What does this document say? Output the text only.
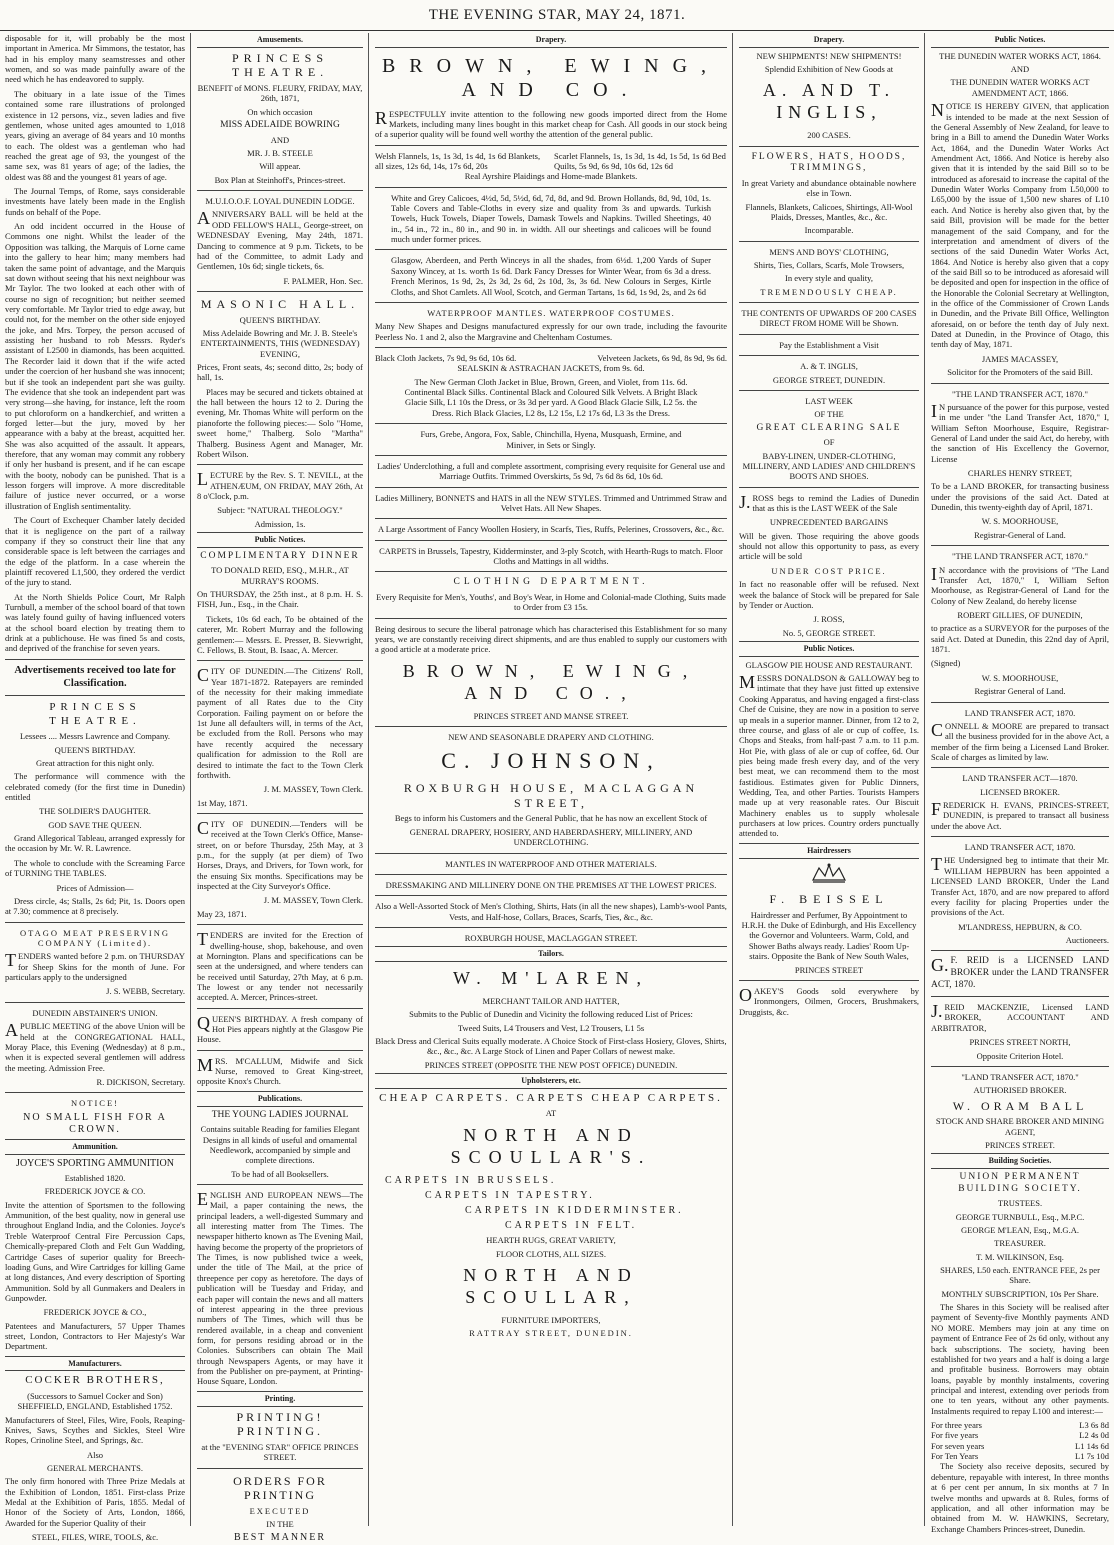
THE EVENING STAR, MAY 24, 1871.

disposable for it, will probably be the most important in America. Mr Simmons, the testator, has had in his employ many seamstresses and other women, and so was made painfully aware of the need which he has endeavored to supply.

The obituary in a late issue of the Times contained some rare illustrations of prolonged existence in 12 persons, viz., seven ladies and five gentlemen, whose united ages amounted to 1,018 years, giving an average of 84 years and 10 months to each. The oldest was a gentleman who had reached the great age of 93, the youngest of the same sex, was 81 years of age; of the ladies, the oldest was 88 and the youngest 81 years of age.

The Journal Temps, of Rome, says considerable investments have lately been made in the English funds on behalf of the Pope.

An odd incident occurred in the House of Commons one night. Whilst the leader of the Opposition was talking, the Marquis of Lorne came into the gallery to hear him; many members had taken the same point of advantage, and the Marquis sat down without seeing that his next neighbour was Mr Taylor. The two looked at each other with of course no sign of recognition; but neither seemed very comfortable. Mr Taylor tried to edge away, but could not, for the member on the other side enjoyed the joke, and Mrs. Torpey, the person accused of assisting her husband to rob Messrs. Ryder's assistant of L2500 in diamonds, has been acquitted. The Recorder laid it down that if the wife acted under the coercion of her husband she was innocent; but if she took an independent part she was guilty. The evidence that she took an independent part was very strong—she having, for instance, left the room to put chloroform on a handkerchief, and written a forged letter—but the jury, moved by her appearance with a baby at the breast, acquitted her. She was also acquitted of the assault. It appears, therefore, that any woman may commit any robbery if only her husband is present, and if he can escape with the booty, nobody can be punished. That is a lesson forgers will improve. A more discreditable failure of justice never occurred, or a worse illustration of English sentimentality.

The Court of Exchequer Chamber lately decided that it is negligence on the part of a railway company if they so construct their line that any considerable space is left between the carriages and the edge of the platform. In a case wherein the plaintiff recovered L1,500, they ordered the verdict of the jury to stand.

At the North Shields Police Court, Mr Ralph Turnbull, a member of the school board of that town was lately found guilty of having influenced voters at the school board election by treating them to drink at a publichouse. He was fined 5s and costs, and deprived of the franchise for seven years.

Advertisements received too late for Classification.
PRINCESS THEATRE.

Lessees .... Messrs Lawrence and Company.

QUEEN'S BIRTHDAY.

Great attraction for this night only.

The performance will commence with the celebrated comedy (for the first time in Dunedin) entitled

THE SOLDIER'S DAUGHTER.

GOD SAVE THE QUEEN.

Grand Allegorical Tableau, arranged expressly for the occasion by Mr. W. R. Lawrence.

The whole to conclude with the Screaming Farce of TURNING THE TABLES.

Prices of Admission—

Dress circle, 4s; Stalls, 2s 6d; Pit, 1s. Doors open at 7.30; commence at 8 precisely.

OTAGO MEAT PRESERVING COMPANY (Limited).

TENDERS wanted before 2 p.m. on THURSDAY for Sheep Skins for the month of June. For particulars apply to the undersigned

J. S. WEBB, Secretary.

DUNEDIN ABSTAINER'S UNION.

APUBLIC MEETING of the above Union will be held at the CONGREGATIONAL HALL, Moray Place, this Evening (Wednesday) at 8 p.m., when it is expected several gentlemen will address the meeting. Admission Free.

R. DICKISON, Secretary.

NOTICE!

NO SMALL FISH FOR A CROWN.

Ammunition.

JOYCE'S SPORTING AMMUNITION

Established 1820.

FREDERICK JOYCE & CO.

Invite the attention of Sportsmen to the following Ammunition, of the best quality, now in general use throughout England India, and the Colonies. Joyce's Treble Waterproof Central Fire Percussion Caps, Chemically-prepared Cloth and Felt Gun Wadding, Cartridge Cases of superior quality for Breech-loading Guns, and Wire Cartridges for killing Game at long distances, And every description of Sporting Ammunition. Sold by all Gunmakers and Dealers in Gunpowder.

FREDERICK JOYCE & CO.,

Patentees and Manufacturers, 57 Upper Thames street, London, Contractors to Her Majesty's War Department.

Manufacturers.

COCKER BROTHERS,

(Successors to Samuel Cocker and Son) SHEFFIELD, ENGLAND, Established 1752.

Manufacturers of Steel, Files, Wire, Fools, Reaping-Knives, Saws, Scythes and Sickles, Steel Wire Ropes, Crinoline Steel, and Springs, &c.

Also

GENERAL MERCHANTS.

The only firm honored with Three Prize Medals at the Exhibition of London, 1851. First-class Prize Medal at the Exhibition of Paris, 1855. Medal of Honor of the Society of Arts, London, 1866, Awarded for the Superior Quality of their

STEEL, FILES, WIRE, TOOLS, &c.

Amusements.
PRINCESS THEATRE.

BENEFIT of MONS. FLEURY, FRIDAY, MAY, 26th, 1871,

On which occasion

MISS ADELAIDE BOWRING

AND

MR. J. B. STEELE

Will appear.

Box Plan at Steinhoff's, Princes-street.

M.U.I.O.O.F. LOYAL DUNEDIN LODGE.

ANNIVERSARY BALL will be held at the ODD FELLOW'S HALL, George-street, on WEDNESDAY Evening, May 24th, 1871. Dancing to commence at 9 p.m. Tickets, to be had of the Committee, to admit Lady and Gentlemen, 10s 6d; single tickets, 6s.

F. PALMER, Hon. Sec.

MASONIC HALL.

QUEEN'S BIRTHDAY.

Miss Adelaide Bowring and Mr. J. B. Steele's ENTERTAINMENTS, THIS (WEDNESDAY) EVENING,

Prices, Front seats, 4s; second ditto, 2s; body of hall, 1s.

Places may be secured and tickets obtained at the hall between the hours 12 to 2. During the evening, Mr. Thomas White will perform on the pianoforte the following pieces:— Solo "Home, sweet home," Thalberg. Solo "Martha" Thalberg. Business Agent and Manager, Mr. Robert Wilson.

LECTURE by the Rev. S. T. NEVILL, at the ATHENÆUM, ON FRIDAY, MAY 26th, At 8 o'Clock, p.m.

Subject: "NATURAL THEOLOGY."

Admission, 1s.

Public Notices.

COMPLIMENTARY DINNER

TO DONALD REID, ESQ., M.H.R., AT MURRAY'S ROOMS.

On THURSDAY, the 25th inst., at 8 p.m. H. S. FISH, Jun., Esq., in the Chair.

Tickets, 10s 6d each, To be obtained of the caterer, Mr. Robert Murray and the following gentlemen:— Messrs. E. Presser, B. Sievwright, C. Fellows, B. Stout, B. Isaac, A. Mercer.

CITY OF DUNEDIN.—The Citizens' Roll, Year 1871-1872. Ratepayers are reminded of the necessity for their making immediate payment of all Rates due to the City Corporation. Failing payment on or before the 1st June all defaulters will, in terms of the Act, be excluded from the Roll. Persons who may have recently acquired the necessary qualification for admission to the Roll are desired to intimate the fact to the Town Clerk forthwith.

J. M. MASSEY, Town Clerk.

1st May, 1871.

CITY OF DUNEDIN.—Tenders will be received at the Town Clerk's Office, Manse-street, on or before Thursday, 25th May, at 3 p.m., for the supply (at per diem) of Two Horses, Drays, and Drivers, for Town work, for the ensuing Six months. Specifications may be inspected at the City Surveyor's Office.

J. M. MASSEY, Town Clerk.

May 23, 1871.

TENDERS are invited for the Erection of dwelling-house, shop, bakehouse, and oven at Mornington. Plans and specifications can be seen at the undersigned, and where tenders can be received until Saturday, 27th May, at 6 p.m. The lowest or any tender not necessarily accepted. A. Mercer, Princes-street.

QUEEN'S BIRTHDAY. A fresh company of Hot Pies appears nightly at the Glasgow Pie House.

MRS. M'CALLUM, Midwife and Sick Nurse, removed to Great King-street, opposite Knox's Church.

Publications.

THE YOUNG LADIES JOURNAL

Contains suitable Reading for families Elegant Designs in all kinds of useful and ornamental Needlework, accompanied by simple and complete directions.

To be had of all Booksellers.

ENGLISH AND EUROPEAN NEWS—The Mail, a paper containing the news, the principal leaders, a well-digested Summary and all interesting matter from The Times. The newspaper hitherto known as The Evening Mail, having become the property of the proprietors of The Times, is now published twice a week, under the title of The Mail, at the price of threepence per copy as heretofore. The days of publication will be Tuesday and Friday, and each paper will contain the news and all matters of interest appearing in the three previous numbers of The Times, which will thus be rendered available, in a cheap and convenient form, for persons residing abroad or in the Colonies. Subscribers can obtain The Mail through Newspapers Agents, or may have it from the Publisher on pre-payment, at Printing-House Square, London.

Printing.
PRINTING! PRINTING.

at the "EVENING STAR" OFFICE PRINCES STREET.

ORDERS FOR PRINTING

EXECUTED

IN THE

BEST MANNER

Drapery.
BROWN, EWING, AND CO.

RESPECTFULLY invite attention to the following new goods imported direct from the Home Markets, including many lines bought in this market cheap for Cash. All goods in our stock being of a superior quality will be found well worthy the attention of the general public.

Welsh Flannels, 1s, 1s 3d, 1s 4d, 1s 6d Blankets, all sizes, 12s 6d, 14s, 17s 6d, 20s
Scarlet Flannels, 1s, 1s 3d, 1s 4d, 1s 5d, 1s 6d Bed Quilts, 5s 9d, 6s 9d, 10s 6d, 12s 6d

Real Ayrshire Plaidings and Home-made Blankets.

White and Grey Calicoes, 4½d, 5d, 5½d, 6d, 7d, 8d, and 9d. Brown Hollands, 8d, 9d, 10d, 1s. Table Covers and Table-Cloths in every size and quality from 3s and upwards. Turkish Towels, Huck Towels, Diaper Towels, Damask Towels and Napkins. Twilled Sheetings, 40 in., 54 in., 72 in., 80 in., and 90 in. in width. All our sheetings and calicoes will be found much under former prices.

Glasgow, Aberdeen, and Perth Winceys in all the shades, from 6½d. 1,200 Yards of Super Saxony Wincey, at 1s. worth 1s 6d. Dark Fancy Dresses for Winter Wear, from 6s 3d a dress. French Merinos, 1s 9d, 2s, 2s 3d, 2s 6d, 2s 10d, 3s, 3s 6d. New Colours in Serges, Kirtle Cloths, and Shot Camlets. All Wool, Scotch, and German Tartans, 1s 6d, 1s 9d, 2s, and 2s 6d

WATERPROOF MANTLES. WATERPROOF COSTUMES.

Many New Shapes and Designs manufactured expressly for our own trade, including the favourite Peerless No. 1 and 2, also the Margravine and Cheltenham Costumes.

Black Cloth Jackets, 7s 9d, 9s 6d, 10s 6d.	Velveteen Jackets, 6s 9d, 8s 9d, 9s 6d.

SEALSKIN & ASTRACHAN JACKETS, from 9s. 6d.

The New German Cloth Jacket in Blue, Brown, Green, and Violet, from 11s. 6d. Continental Black Silks. Continental Black and Coloured Silk Velvets. A Bright Black Glacie Silk, L1 10s the Dress, or 3s 3d per yard. A Good Black Glacie Silk, L2 5s. the Dress. Rich Black Glacies, L2 8s, L2 15s, L2 17s 6d, L3 3s the Dress.

Furs, Grebe, Angora, Fox, Sable, Chinchilla, Hyena, Musquash, Ermine, and Miniver, in Sets or Singly.

Ladies' Underclothing, a full and complete assortment, comprising every requisite for General use and Marriage Outfits. Trimmed Overskirts, 5s 9d, 7s 6d 8s 6d, 10s 6d.

Ladies Millinery, BONNETS and HATS in all the NEW STYLES. Trimmed and Untrimmed Straw and Velvet Hats. All New Shapes.

A Large Assortment of Fancy Woollen Hosiery, in Scarfs, Ties, Ruffs, Pelerines, Crossovers, &c., &c.

CARPETS in Brussels, Tapestry, Kidderminster, and 3-ply Scotch, with Hearth-Rugs to match. Floor Cloths and Mattings in all widths.

CLOTHING DEPARTMENT.

Every Requisite for Men's, Youths', and Boy's Wear, in Home and Colonial-made Clothing, Suits made to Order from £3 15s.

Being desirous to secure the liberal patronage which has characterised this Establishment for so many years, we are constantly receiving direct shipments, and are thus enabled to supply our customers with a good article at a moderate price.

BROWN, EWING, AND CO.,

PRINCES STREET AND MANSE STREET.

NEW AND SEASONABLE DRAPERY AND CLOTHING.

C. JOHNSON,
ROXBURGH HOUSE, MACLAGGAN STREET,

Begs to inform his Customers and the General Public, that he has now an excellent Stock of

GENERAL DRAPERY, HOSIERY, AND HABERDASHERY, MILLINERY, AND UNDERCLOTHING.

MANTLES IN WATERPROOF AND OTHER MATERIALS.

DRESSMAKING AND MILLINERY DONE ON THE PREMISES AT THE LOWEST PRICES.

Also a Well-Assorted Stock of Men's Clothing, Shirts, Hats (in all the new shapes), Lamb's-wool Pants, Vests, and Half-hose, Collars, Braces, Scarfs, Ties, &c., &c.

ROXBURGH HOUSE, MACLAGGAN STREET.

Tailors.
W. M'LAREN,

MERCHANT TAILOR AND HATTER,

Submits to the Public of Dunedin and Vicinity the following reduced List of Prices:

Tweed Suits, L4 Trousers and Vest, L2 Trousers, L1 5s

Black Dress and Clerical Suits equally moderate. A Choice Stock of First-class Hosiery, Gloves, Shirts, &c., &c., &c. A Large Stock of Linen and Paper Collars of newest make.

PRINCES STREET (OPPOSITE THE NEW POST OFFICE) DUNEDIN.

Upholsterers, etc.
CHEAP CARPETS. CARPETS CHEAP CARPETS.

AT

NORTH AND SCOULLAR'S.
CARPETS IN BRUSSELS.
CARPETS IN TAPESTRY.
CARPETS IN KIDDERMINSTER.
CARPETS IN FELT.

HEARTH RUGS, GREAT VARIETY,

FLOOR CLOTHS, ALL SIZES.

NORTH AND SCOULLAR,

FURNITURE IMPORTERS,

RATTRAY STREET, DUNEDIN.

Drapery.

NEW SHIPMENTS! NEW SHIPMENTS!

Splendid Exhibition of New Goods at

A. AND T. INGLIS,

200 CASES.

FLOWERS, HATS, HOODS, TRIMMINGS,

In great Variety and abundance obtainable nowhere else in Town.

Flannels, Blankets, Calicoes, Shirtings, All-Wool Plaids, Dresses, Mantles, &c., &c.

Incomparable.

MEN'S AND BOYS' CLOTHING,

Shirts, Ties, Collars, Scarfs, Mole Trowsers,

In every style and quality,

TREMENDOUSLY CHEAP.

THE CONTENTS OF UPWARDS OF 200 CASES DIRECT FROM HOME Will be Shown.

Pay the Establishment a Visit

A. & T. INGLIS,

GEORGE STREET, DUNEDIN.

LAST WEEK

OF THE

GREAT CLEARING SALE

OF

BABY-LINEN, UNDER-CLOTHING, MILLINERY, AND LADIES' AND CHILDREN'S BOOTS AND SHOES.

J.ROSS begs to remind the Ladies of Dunedin that as this is the LAST WEEK of the Sale

UNPRECEDENTED BARGAINS

Will be given. Those requiring the above goods should not allow this opportunity to pass, as every article will be sold

UNDER COST PRICE.

In fact no reasonable offer will be refused. Next week the balance of Stock will be prepared for Sale by Tender or Auction.

J. ROSS,

No. 5, GEORGE STREET.

Public Notices.

GLASGOW PIE HOUSE AND RESTAURANT.

MESSRS DONALDSON & GALLOWAY beg to intimate that they have just fitted up extensive Cooking Apparatus, and having engaged a first-class Chef de Cuisine, they are now in a position to serve up meals in a superior manner. Dinner, from 12 to 2, three course, and glass of ale or cup of coffee, 1s. Chops and Steaks, from half-past 7 a.m. to 11 p.m. Hot Pie, with glass of ale or cup of coffee, 6d. Our pies being made fresh every day, and of the very best meat, we can recommend them to the most fastidious. Estimates given for Public Dinners, Wedding, Tea, and other Parties. Tourists Hampers made up at very reasonable rates. Our Biscuit Machinery enables us to supply wholesale purchasers at low prices. Country orders punctually attended to.

Hairdressers
F. BEISSEL

Hairdresser and Perfumer, By Appointment to H.R.H. the Duke of Edinburgh, and His Excellency the Governor and Volunteers. Warm, Cold, and Shower Baths always ready. Ladies' Room Up-stairs. Opposite the Bank of New South Wales,

PRINCES STREET

OAKEY'S Goods sold everywhere by Ironmongers, Oilmen, Grocers, Brushmakers, Druggists, &c.

Public Notices.

THE DUNEDIN WATER WORKS ACT, 1864.

AND

THE DUNEDIN WATER WORKS ACT AMENDMENT ACT, 1866.

NOTICE IS HEREBY GIVEN, that application is intended to be made at the next Session of the General Assembly of New Zealand, for leave to bring in a Bill to amend the Dunedin Water Works Act, 1864, and the Dunedin Water Works Act Amendment Act, 1866. And Notice is hereby also given that it is intended by the said Bill so to be introduced as aforesaid to increase the capital of the Dunedin Water Works Company from L50,000 to L65,000 by the issue of 1,500 new shares of L10 each. And Notice is hereby also given that, by the said Bill, provision will be made for the better management of the said Company, and for the interpretation and amendment of divers of the sections of the said Dunedin Water Works Act, 1864. And Notice is hereby also given that a copy of the said Bill so to be introduced as aforesaid will be deposited and open for inspection in the office of the Honorable the Colonial Secretary at Wellington, in the office of the Commissioner of Crown Lands in Dunedin, and the Private Bill Office, Wellington aforesaid, on or before the tenth day of July next. Dated at Dunedin, in the Province of Otago, this tenth day of May, 1871.

JAMES MACASSEY,

Solicitor for the Promoters of the said Bill.

"THE LAND TRANSFER ACT, 1870."

IN pursuance of the power for this purpose, vested in me under "the Land Transfer Act, 1870," I, William Sefton Moorhouse, Esquire, Registrar-General of Land under the said Act, do hereby, with the sanction of His Excellency the Governor, License

CHARLES HENRY STREET,

To be a LAND BROKER, for transacting business under the provisions of the said Act. Dated at Dunedin, this twenty-eighth day of April, 1871.

W. S. MOORHOUSE,

Registrar-General of Land.

"THE LAND TRANSFER ACT, 1870."

IN accordance with the provisions of "The Land Transfer Act, 1870," I, William Sefton Moorhouse, as Registrar-General of Land for the Colony of New Zealand, do hereby license

ROBERT GILLIES, OF DUNEDIN,

to practice as a SURVEYOR for the purposes of the said Act. Dated at Dunedin, this 22nd day of April, 1871.

(Signed)

W. S. MOORHOUSE,

Registrar General of Land.

LAND TRANSFER ACT, 1870.

CONNELL & MOORE are prepared to transact all the business provided for in the above Act, a member of the firm being a Licensed Land Broker. Scale of charges as limited by law.

LAND TRANSFER ACT—1870.

LICENSED BROKER.

FREDERICK H. EVANS, PRINCES-STREET, DUNEDIN, is prepared to transact all business under the above Act.

LAND TRANSFER ACT, 1870.

THE Undersigned beg to intimate that their Mr. WILLIAM HEPBURN has been appointed a LICENSED LAND BROKER, Under the Land Transfer Act, 1870, and are now prepared to afford every facility for placing Properties under the provisions of the Act.

M'LANDRESS, HEPBURN, & CO.

Auctioneers.

G.F. REID is a LICENSED LAND BROKER under the LAND TRANSFER ACT, 1870.

J.REID MACKENZIE, Licensed LAND BROKER, ACCOUNTANT AND ARBITRATOR,

PRINCES STREET NORTH,

Opposite Criterion Hotel.

"LAND TRANSFER ACT, 1870."

AUTHORISED BROKER.

W. ORAM BALL

STOCK AND SHARE BROKER AND MINING AGENT,

PRINCES STREET.

Building Societies.

UNION PERMANENT BUILDING SOCIETY.

TRUSTEES.

GEORGE TURNBULL, Esq., M.P.C.

GEORGE M'LEAN, Esq., M.G.A.

TREASURER.

T. M. WILKINSON, Esq.

SHARES, L50 each. ENTRANCE FEE, 2s per Share.

MONTHLY SUBSCRIPTION, 10s Per Share.

The Shares in this Society will be realised after payment of Seventy-five Monthly payments AND NO MORE. Members may join at any time on payment of Entrance Fee of 2s 6d only, without any back subscriptions. The society, having been established for two years and a half is doing a large and profitable business. Borrowers may obtain loans, payable by monthly instalments, covering principal and interest, extending over periods from one to ten years, without any other payments. Instalments required to repay L100 and interest:—

For three years	L3 6s 8d
For five years	L2 4s 0d
For seven years	L1 14s 6d
For Ten Years	L1 7s 10d

The Society also receive deposits, secured by debenture, repayable with interest, In three months at 6 per cent per annum, In six months at 7 In twelve months and upwards at 8. Rules, forms of application, and all other information may be obtained from M. W. HAWKINS, Secretary, Exchange Chambers Princes-street, Dunedin.
